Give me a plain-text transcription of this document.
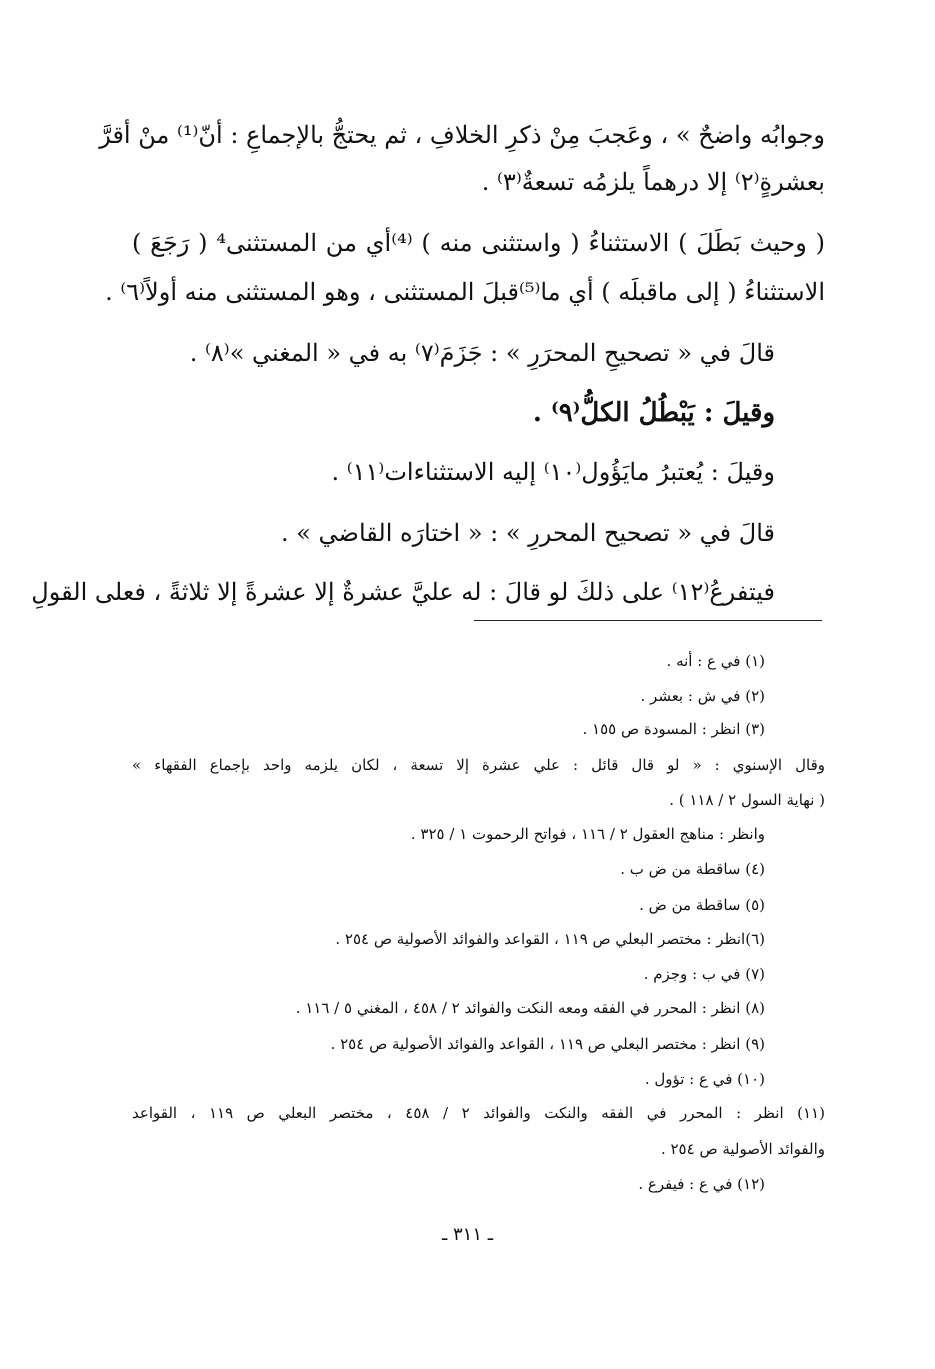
وجوابُه واضحٌ » ، وعَجبَ مِنْ ذكرِ الخلافِ ، ثم يحتجُّ بالإجماعِ : أنّ⁽¹⁾ منْ أقرَّ
بعشرةٍ⁽٢⁾ إلا درهماً يلزمُه تسعةٌ⁽٣⁾ .
( وحيث بَطَلَ ) الاستثناءُ ( واستثنى منه ) ⁽⁴⁾أي من المستثنى⁴ ( رَجَعَ )
الاستثناءُ ( إلى ماقبلَه ) أي ما⁽⁵⁾قبلَ المستثنى ، وهو المستثنى منه أولاً⁽٦⁾ .
قالَ في « تصحيحِ المحرَرِ » : جَزَمَ⁽٧⁾ به في « المغني »⁽٨⁾ .
وقيلَ : يَبْطُلُ الكلُّ⁽٩⁾ .
وقيلَ : يُعتبرُ مايَؤُول⁽١٠⁾ إليه الاستثناءات⁽١١⁾ .
قالَ في « تصحيح المحررِ » : « اختارَه القاضي » .
فيتفرعُ⁽١٢⁾ على ذلكَ لو قالَ : له عليَّ عشرةٌ إلا عشرةً إلا ثلاثةً ، فعلى القولِ
(١) في ع : أنه .
(٢) في ش : بعشر .
(٣) انظر : المسودة ص ١٥٥ .
وقال الإسنوي : « لو قال قائل : علي عشرة إلا تسعة ، لكان يلزمه واحد بإجماع الفقهاء »
( نهاية السول ٢ / ١١٨ ) .
وانظر : مناهج العقول ٢ / ١١٦ ، فواتح الرحموت ١ / ٣٢٥ .
(٤) ساقطة من ض ب .
(٥) ساقطة من ض .
(٦)انظر : مختصر البعلي ص ١١٩ ، القواعد والفوائد الأصولية ص ٢٥٤ .
(٧) في ب : وجزم .
(٨) انظر : المحرر في الفقه ومعه النكت والفوائد ٢ / ٤٥٨ ، المغني ٥ / ١١٦ .
(٩) انظر : مختصر البعلي ص ١١٩ ، القواعد والفوائد الأصولية ص ٢٥٤ .
(١٠) في ع : تؤول .
(١١) انظر : المحرر في الفقه والنكت والفوائد ٢ / ٤٥٨ ، مختصر البعلي ص ١١٩ ، القواعد
والفوائد الأصولية ص ٢٥٤ .
(١٢) في ع : فيفرع .
ـ ٣١١ ـ
